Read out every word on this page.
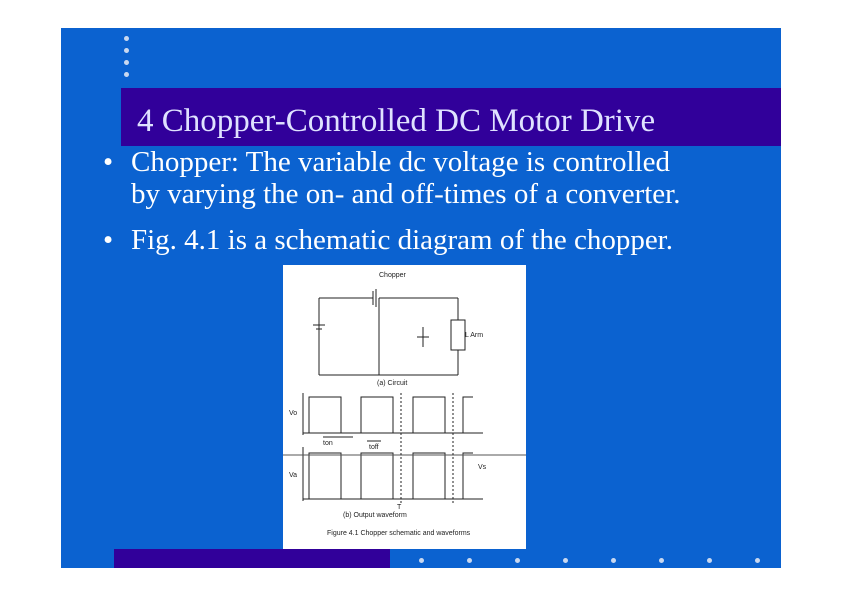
4 Chopper-Controlled DC Motor Drive
• Chopper: The variable dc voltage is controlled
by varying the on- and off-times of a converter.
• Fig. 4.1 is a schematic diagram of the chopper.
Chopper
L Arm
(a) Circuit
Vo
ton
toff
Vs
Va
T
(b) Output waveform
Figure 4.1 Chopper schematic and waveforms
